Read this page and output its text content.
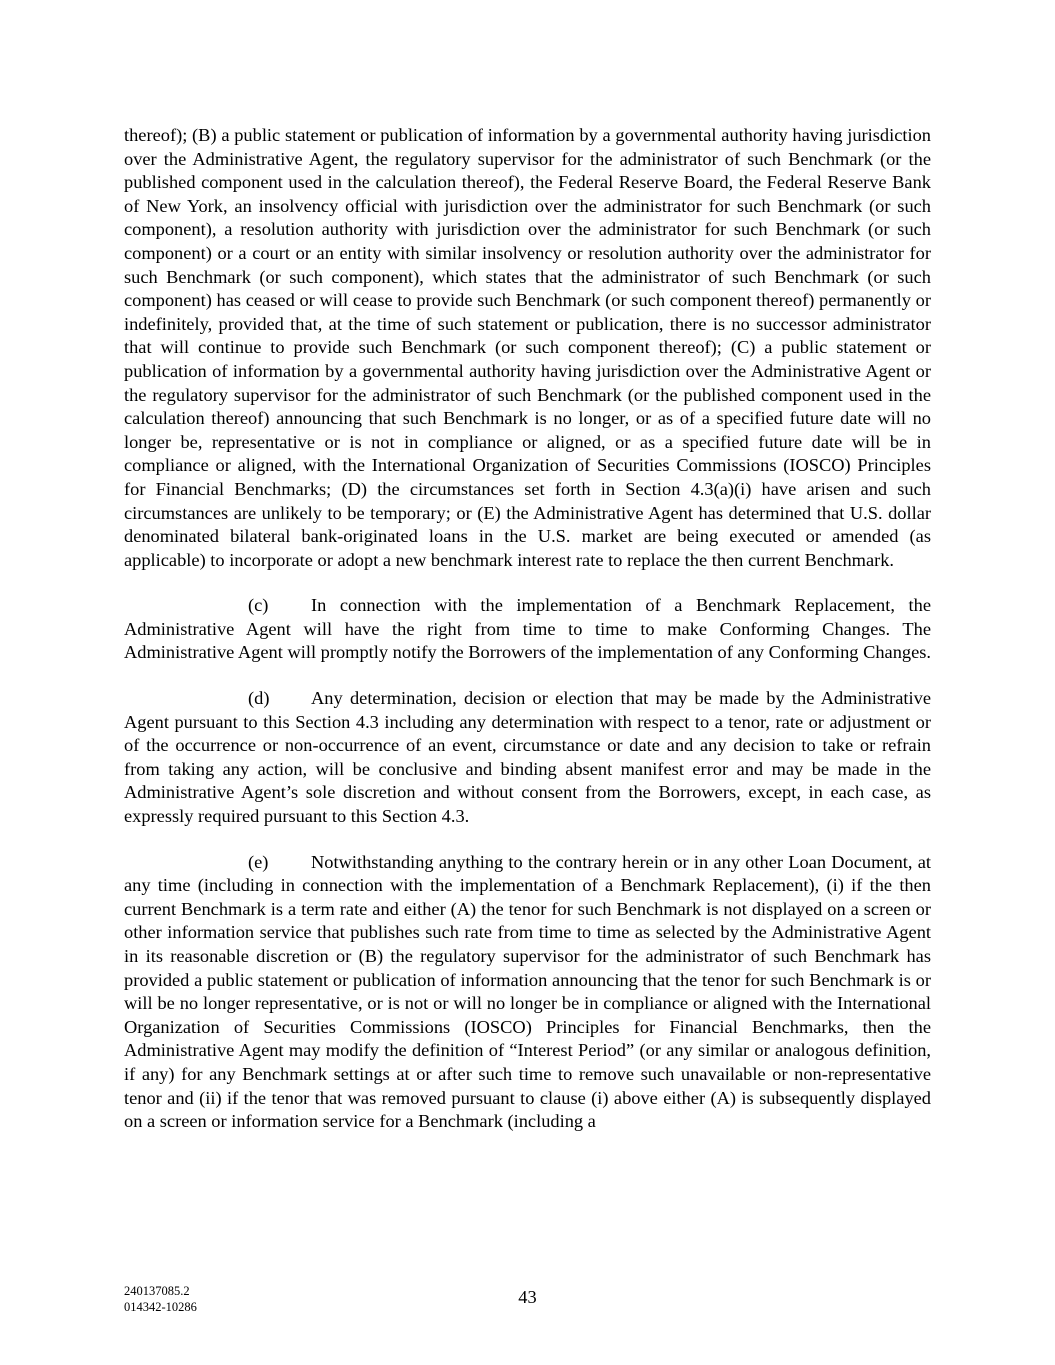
thereof); (B) a public statement or publication of information by a governmental authority having jurisdiction over the Administrative Agent, the regulatory supervisor for the administrator of such Benchmark (or the published component used in the calculation thereof), the Federal Reserve Board, the Federal Reserve Bank of New York, an insolvency official with jurisdiction over the administrator for such Benchmark (or such component), a resolution authority with jurisdiction over the administrator for such Benchmark (or such component) or a court or an entity with similar insolvency or resolution authority over the administrator for such Benchmark (or such component), which states that the administrator of such Benchmark (or such component) has ceased or will cease to provide such Benchmark (or such component thereof) permanently or indefinitely, provided that, at the time of such statement or publication, there is no successor administrator that will continue to provide such Benchmark (or such component thereof); (C) a public statement or publication of information by a governmental authority having jurisdiction over the Administrative Agent or the regulatory supervisor for the administrator of such Benchmark (or the published component used in the calculation thereof) announcing that such Benchmark is no longer, or as of a specified future date will no longer be, representative or is not in compliance or aligned, or as a specified future date will be in compliance or aligned, with the International Organization of Securities Commissions (IOSCO) Principles for Financial Benchmarks; (D) the circumstances set forth in Section 4.3(a)(i) have arisen and such circumstances are unlikely to be temporary; or (E) the Administrative Agent has determined that U.S. dollar denominated bilateral bank-originated loans in the U.S. market are being executed or amended (as applicable) to incorporate or adopt a new benchmark interest rate to replace the then current Benchmark.

(c) In connection with the implementation of a Benchmark Replacement, the Administrative Agent will have the right from time to time to make Conforming Changes. The Administrative Agent will promptly notify the Borrowers of the implementation of any Conforming Changes.

(d) Any determination, decision or election that may be made by the Administrative Agent pursuant to this Section 4.3 including any determination with respect to a tenor, rate or adjustment or of the occurrence or non-occurrence of an event, circumstance or date and any decision to take or refrain from taking any action, will be conclusive and binding absent manifest error and may be made in the Administrative Agent’s sole discretion and without consent from the Borrowers, except, in each case, as expressly required pursuant to this Section 4.3.

(e) Notwithstanding anything to the contrary herein or in any other Loan Document, at any time (including in connection with the implementation of a Benchmark Replacement), (i) if the then current Benchmark is a term rate and either (A) the tenor for such Benchmark is not displayed on a screen or other information service that publishes such rate from time to time as selected by the Administrative Agent in its reasonable discretion or (B) the regulatory supervisor for the administrator of such Benchmark has provided a public statement or publication of information announcing that the tenor for such Benchmark is or will be no longer representative, or is not or will no longer be in compliance or aligned with the International Organization of Securities Commissions (IOSCO) Principles for Financial Benchmarks, then the Administrative Agent may modify the definition of “Interest Period” (or any similar or analogous definition, if any) for any Benchmark settings at or after such time to remove such unavailable or non-representative tenor and (ii) if the tenor that was removed pursuant to clause (i) above either (A) is subsequently displayed on a screen or information service for a Benchmark (including a

240137085.2
014342-10286	43
